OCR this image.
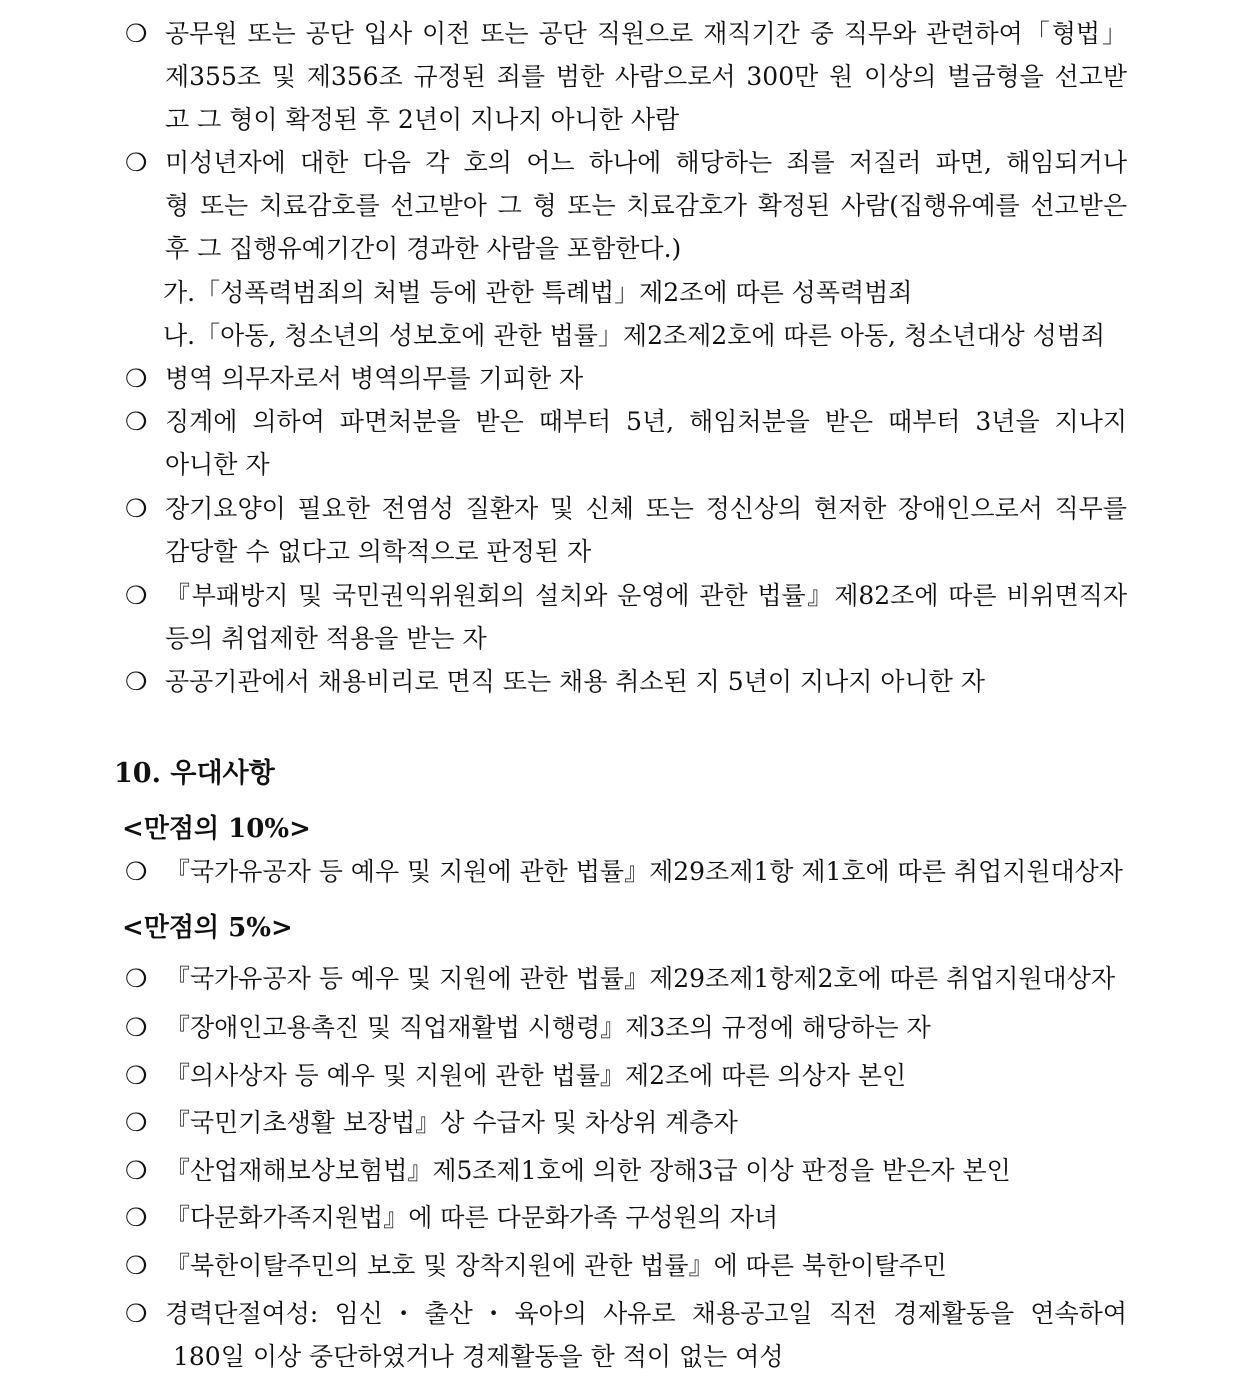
❍ 공무원 또는 공단 입사 이전 또는 공단 직원으로 재직기간 중 직무와 관련하여「형법」
제355조 및 제356조 규정된 죄를 범한 사람으로서 300만 원 이상의 벌금형을 선고받
고 그 형이 확정된 후 2년이 지나지 아니한 사람
❍ 미성년자에 대한 다음 각 호의 어느 하나에 해당하는 죄를 저질러 파면, 해임되거나
형 또는 치료감호를 선고받아 그 형 또는 치료감호가 확정된 사람(집행유예를 선고받은
후 그 집행유예기간이 경과한 사람을 포함한다.)
가.「성폭력범죄의 처벌 등에 관한 특례법」제2조에 따른 성폭력범죄
나.「아동, 청소년의 성보호에 관한 법률」제2조제2호에 따른 아동, 청소년대상 성범죄
❍ 병역 의무자로서 병역의무를 기피한 자
❍ 징계에 의하여 파면처분을 받은 때부터 5년, 해임처분을 받은 때부터 3년을 지나지
아니한 자
❍ 장기요양이 필요한 전염성 질환자 및 신체 또는 정신상의 현저한 장애인으로서 직무를
감당할 수 없다고 의학적으로 판정된 자
❍ 『부패방지 및 국민권익위원회의 설치와 운영에 관한 법률』제82조에 따른 비위면직자
등의 취업제한 적용을 받는 자
❍ 공공기관에서 채용비리로 면직 또는 채용 취소된 지 5년이 지나지 아니한 자
10. 우대사항
<만점의 10%>
❍ 『국가유공자 등 예우 및 지원에 관한 법률』제29조제1항 제1호에 따른 취업지원대상자
<만점의 5%>
❍ 『국가유공자 등 예우 및 지원에 관한 법률』제29조제1항제2호에 따른 취업지원대상자
❍ 『장애인고용촉진 및 직업재활법 시행령』제3조의 규정에 해당하는 자
❍ 『의사상자 등 예우 및 지원에 관한 법률』제2조에 따른 의상자 본인
❍ 『국민기초생활 보장법』상 수급자 및 차상위 계층자
❍ 『산업재해보상보험법』제5조제1호에 의한 장해3급 이상 판정을 받은자 본인
❍ 『다문화가족지원법』에 따른 다문화가족 구성원의 자녀
❍ 『북한이탈주민의 보호 및 장착지원에 관한 법률』에 따른 북한이탈주민
❍ 경력단절여성: 임신・출산・육아의 사유로 채용공고일 직전 경제활동을 연속하여
180일 이상 중단하였거나 경제활동을 한 적이 없는 여성
